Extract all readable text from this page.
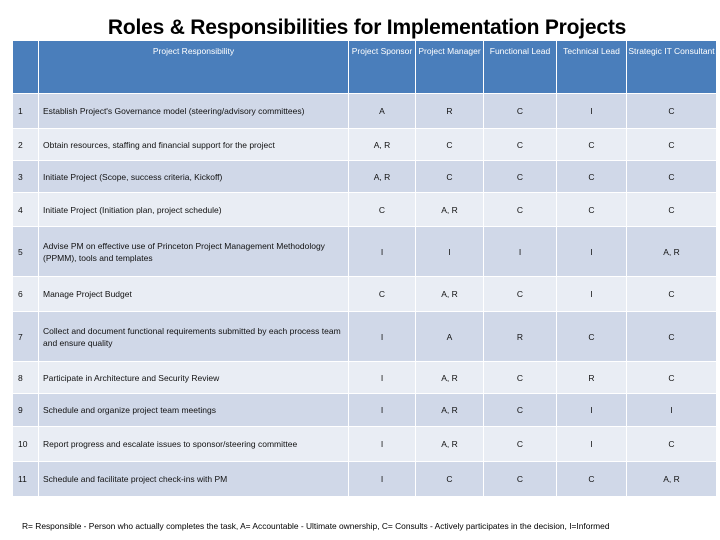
Roles & Responsibilities for Implementation Projects
	Project Responsibility	Project Sponsor	Project Manager	Functional Lead	Technical Lead	Strategic IT Consultant
1	Establish Project's Governance model (steering/advisory committees)	A	R	C	I	C
2	Obtain resources, staffing and financial support for the project	A, R	C	C	C	C
3	Initiate Project (Scope, success criteria, Kickoff)	A, R	C	C	C	C
4	Initiate Project (Initiation plan, project schedule)	C	A, R	C	C	C
5	Advise PM on effective use of Princeton Project Management Methodology (PPMM), tools and templates	I	I	I	I	A, R
6	Manage Project Budget	C	A, R	C	I	C
7	Collect and document functional requirements submitted by each process team and ensure quality	I	A	R	C	C
8	Participate in Architecture and Security Review	I	A, R	C	R	C
9	Schedule and organize project team meetings	I	A, R	C	I	I
10	Report progress and escalate issues to sponsor/steering committee	I	A, R	C	I	C
11	Schedule and facilitate project check-ins with PM	I	C	C	C	A, R
R= Responsible - Person who actually completes the task, A= Accountable - Ultimate ownership, C= Consults - Actively participates in the decision, I=Informed
